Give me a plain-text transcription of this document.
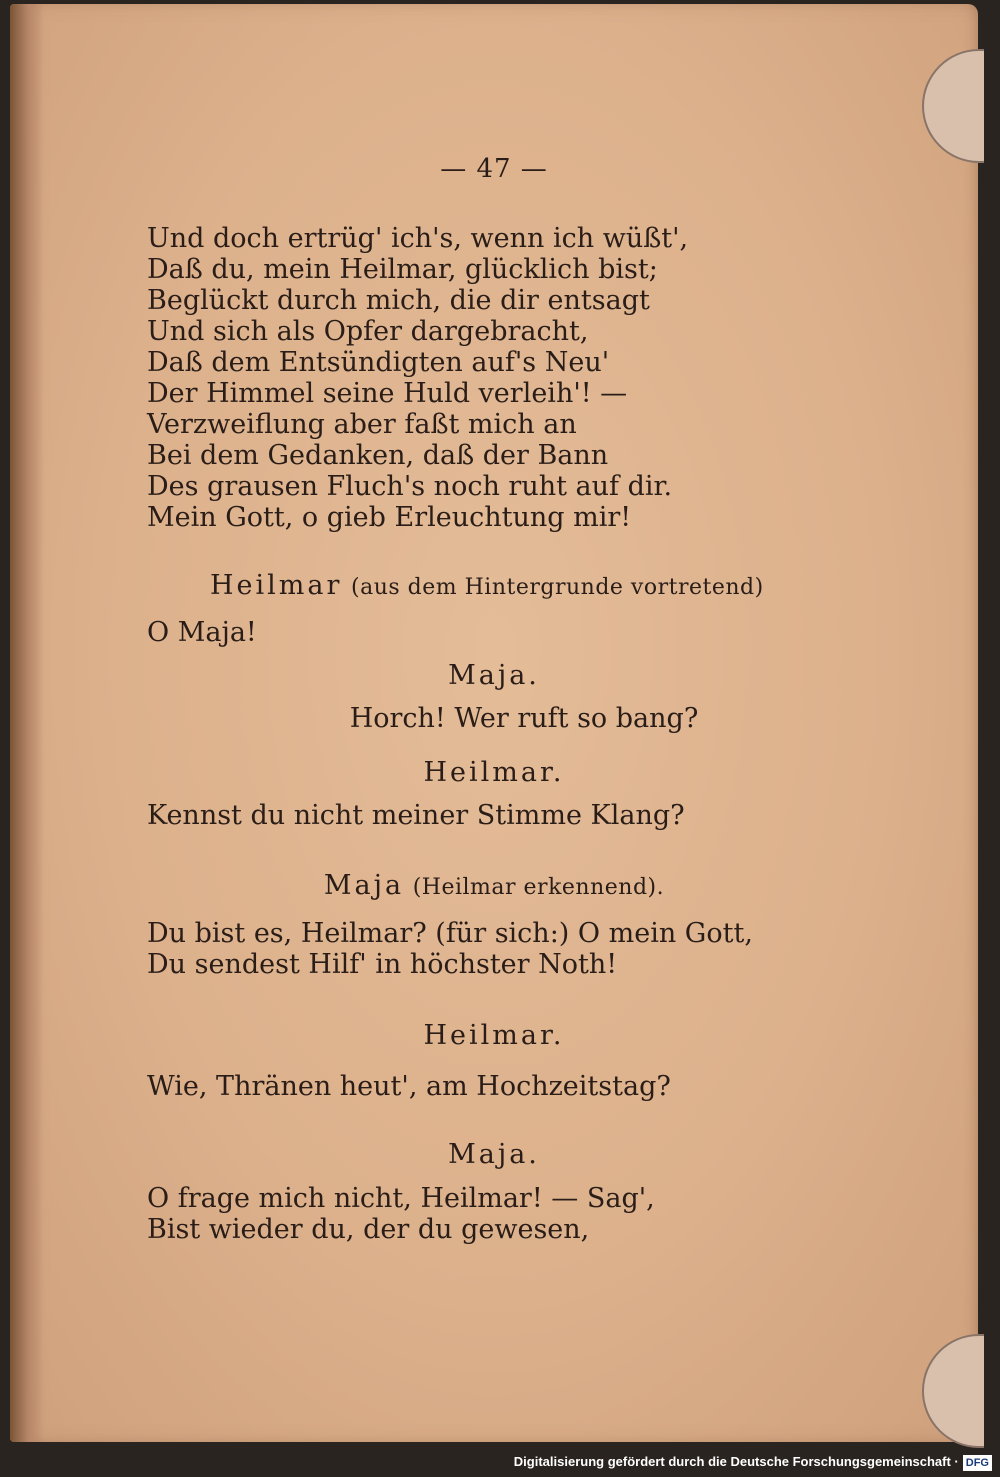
— 47 —
Und doch ertrüg' ich's, wenn ich wüßt',
Daß du, mein Heilmar, glücklich bist;
Beglückt durch mich, die dir entsagt
Und sich als Opfer dargebracht,
Daß dem Entsündigten auf's Neu'
Der Himmel seine Huld verleih'! —
Verzweiflung aber faßt mich an
Bei dem Gedanken, daß der Bann
Des grausen Fluch's noch ruht auf dir.
Mein Gott, o gieb Erleuchtung mir!
Heilmar (aus dem Hintergrunde vortretend)
O Maja!
Maja.
Horch! Wer ruft so bang?
Heilmar.
Kennst du nicht meiner Stimme Klang?
Maja (Heilmar erkennend).
Du bist es, Heilmar? (für sich:) O mein Gott,
Du sendest Hilf' in höchster Noth!
Heilmar.
Wie, Thränen heut', am Hochzeitstag?
Maja.
O frage mich nicht, Heilmar! — Sag',
Bist wieder du, der du gewesen,
Digitalisierung gefördert durch die Deutsche Forschungsgemeinschaft · DFG
